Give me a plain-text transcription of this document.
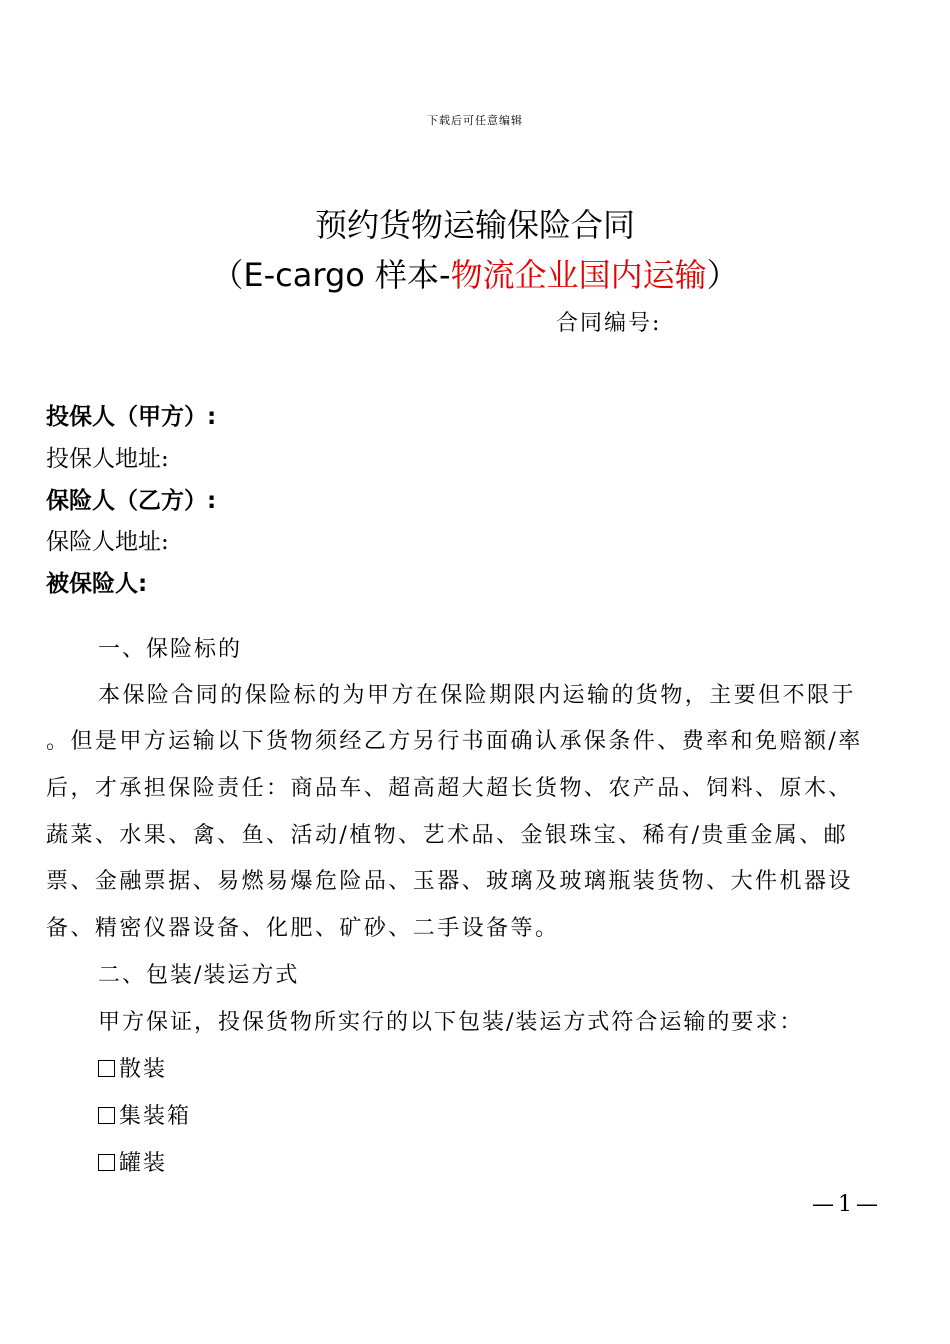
下载后可任意编辑
预约货物运输保险合同
（E-cargo 样本-物流企业国内运输）
合同编号:
投保人（甲方）:
投保人地址:
保险人（乙方）:
保险人地址:
被保险人:
一、保险标的
本保险合同的保险标的为甲方在保险期限内运输的货物，主要但不限于
。但是甲方运输以下货物须经乙方另行书面确认承保条件、费率和免赔额/率
后，才承担保险责任：商品车、超高超大超长货物、农产品、饲料、原木、
蔬菜、水果、禽、鱼、活动/植物、艺术品、金银珠宝、稀有/贵重金属、邮
票、金融票据、易燃易爆危险品、玉器、玻璃及玻璃瓶装货物、大件机器设
备、精密仪器设备、化肥、矿砂、二手设备等。
二、包装/装运方式
甲方保证，投保货物所实行的以下包装/装运方式符合运输的要求：
散装
集装箱
罐装
—1—
